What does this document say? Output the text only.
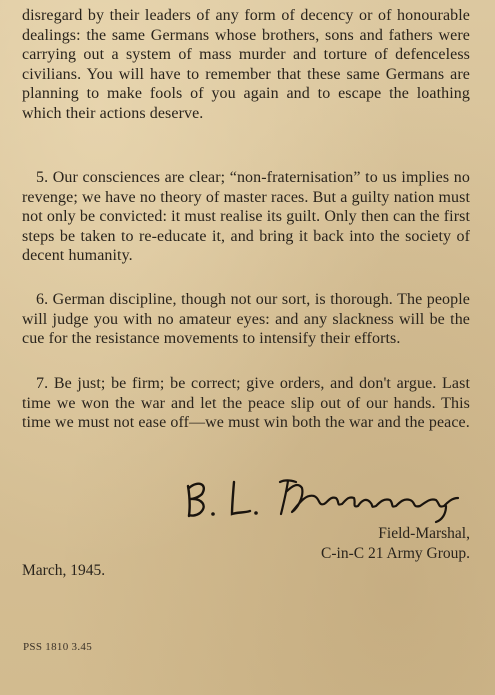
disregard by their leaders of any form of decency or of honourable dealings: the same Germans whose brothers, sons and fathers were carrying out a system of mass murder and torture of defenceless civilians. You will have to remember that these same Germans are planning to make fools of you again and to escape the loathing which their actions deserve.

5. Our consciences are clear; “non-fraternisation” to us implies no revenge; we have no theory of master races. But a guilty nation must not only be convicted: it must realise its guilt. Only then can the first steps be taken to re-educate it, and bring it back into the society of decent humanity.

6. German discipline, though not our sort, is thorough. The people will judge you with no amateur eyes: and any slackness will be the cue for the resistance movements to intensify their efforts.

7. Be just; be firm; be correct; give orders, and don't argue. Last time we won the war and let the peace slip out of our hands. This time we must not ease off—we must win both the war and the peace.

Field-Marshal,
C-in-C 21 Army Group.
March, 1945.
PSS 1810 3.45
